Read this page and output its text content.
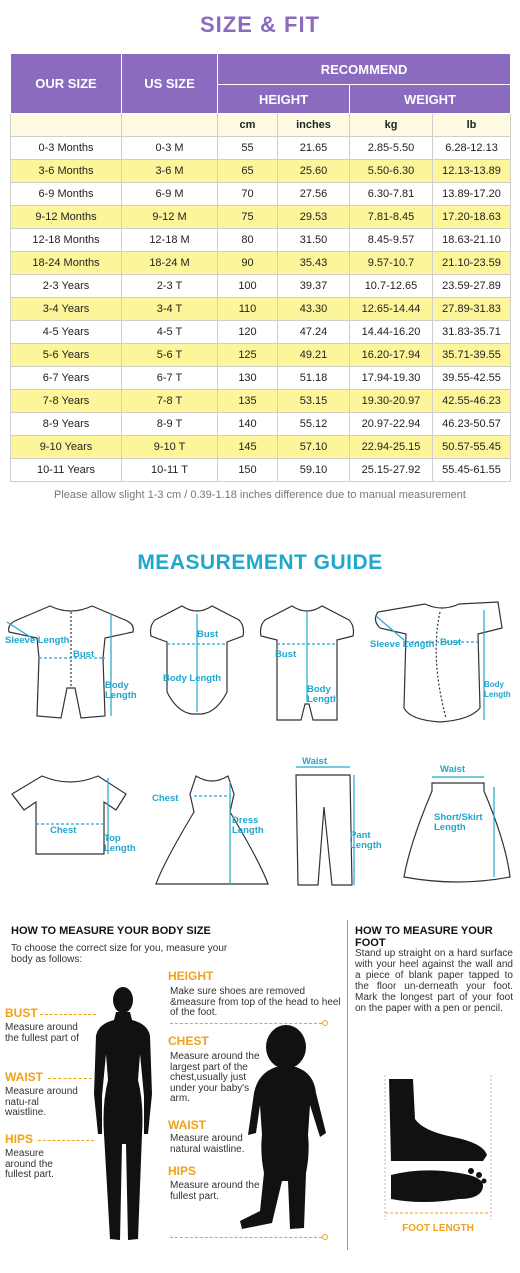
SIZE & FIT
OUR SIZE	US SIZE	RECOMMEND			
		HEIGHT		WEIGHT	
		cm	inches	kg	lb
0-3 Months	0-3 M	55	21.65	2.85-5.50	6.28-12.13
3-6 Months	3-6 M	65	25.60	5.50-6.30	12.13-13.89
6-9 Months	6-9 M	70	27.56	6.30-7.81	13.89-17.20
9-12 Months	9-12 M	75	29.53	7.81-8.45	17.20-18.63
12-18 Months	12-18 M	80	31.50	8.45-9.57	18.63-21.10
18-24 Months	18-24 M	90	35.43	9.57-10.7	21.10-23.59
2-3 Years	2-3 T	100	39.37	10.7-12.65	23.59-27.89
3-4 Years	3-4 T	110	43.30	12.65-14.44	27.89-31.83
4-5 Years	4-5 T	120	47.24	14.44-16.20	31.83-35.71
5-6 Years	5-6 T	125	49.21	16.20-17.94	35.71-39.55
6-7 Years	6-7 T	130	51.18	17.94-19.30	39.55-42.55
7-8 Years	7-8 T	135	53.15	19.30-20.97	42.55-46.23
8-9 Years	8-9 T	140	55.12	20.97-22.94	46.23-50.57
9-10 Years	9-10 T	145	57.10	22.94-25.15	50.57-55.45
10-11 Years	10-11 T	150	59.10	25.15-27.92	55.45-61.55
Please allow slight 1-3 cm / 0.39-1.18 inches difference due to manual measurement
MEASUREMENT GUIDE
Sleeve Length
Bust
Body Length
Bust
Body Length
Bust
Body Length
Sleeve Length Bust
Body Length
Chest
Top Length
Chest
Dress Length
Waist
Pant Length
Waist
Short/Skirt Length
HOW TO MEASURE YOUR BODY SIZE
To choose the correct size for you, measure your body as follows:
BUST
Measure around the fullest part of
WAIST
Measure around natu-ral waistline.
HIPS
Measure around the fullest part.
HEIGHT
Make sure shoes are removed &measure from top of the head to heel of the foot.
CHEST
Measure around the largest part of the chest,usually just under your baby's arm.
WAIST
Measure around natural waistline.
HIPS
Measure around the fullest part.
HOW TO MEASURE YOUR FOOT
Stand up straight on a hard surface with your heel against the wall and a piece of blank paper tapped to the floor un-derneath your foot. Mark the longest part of your foot on the paper with a pen or pencil.
FOOT LENGTH
